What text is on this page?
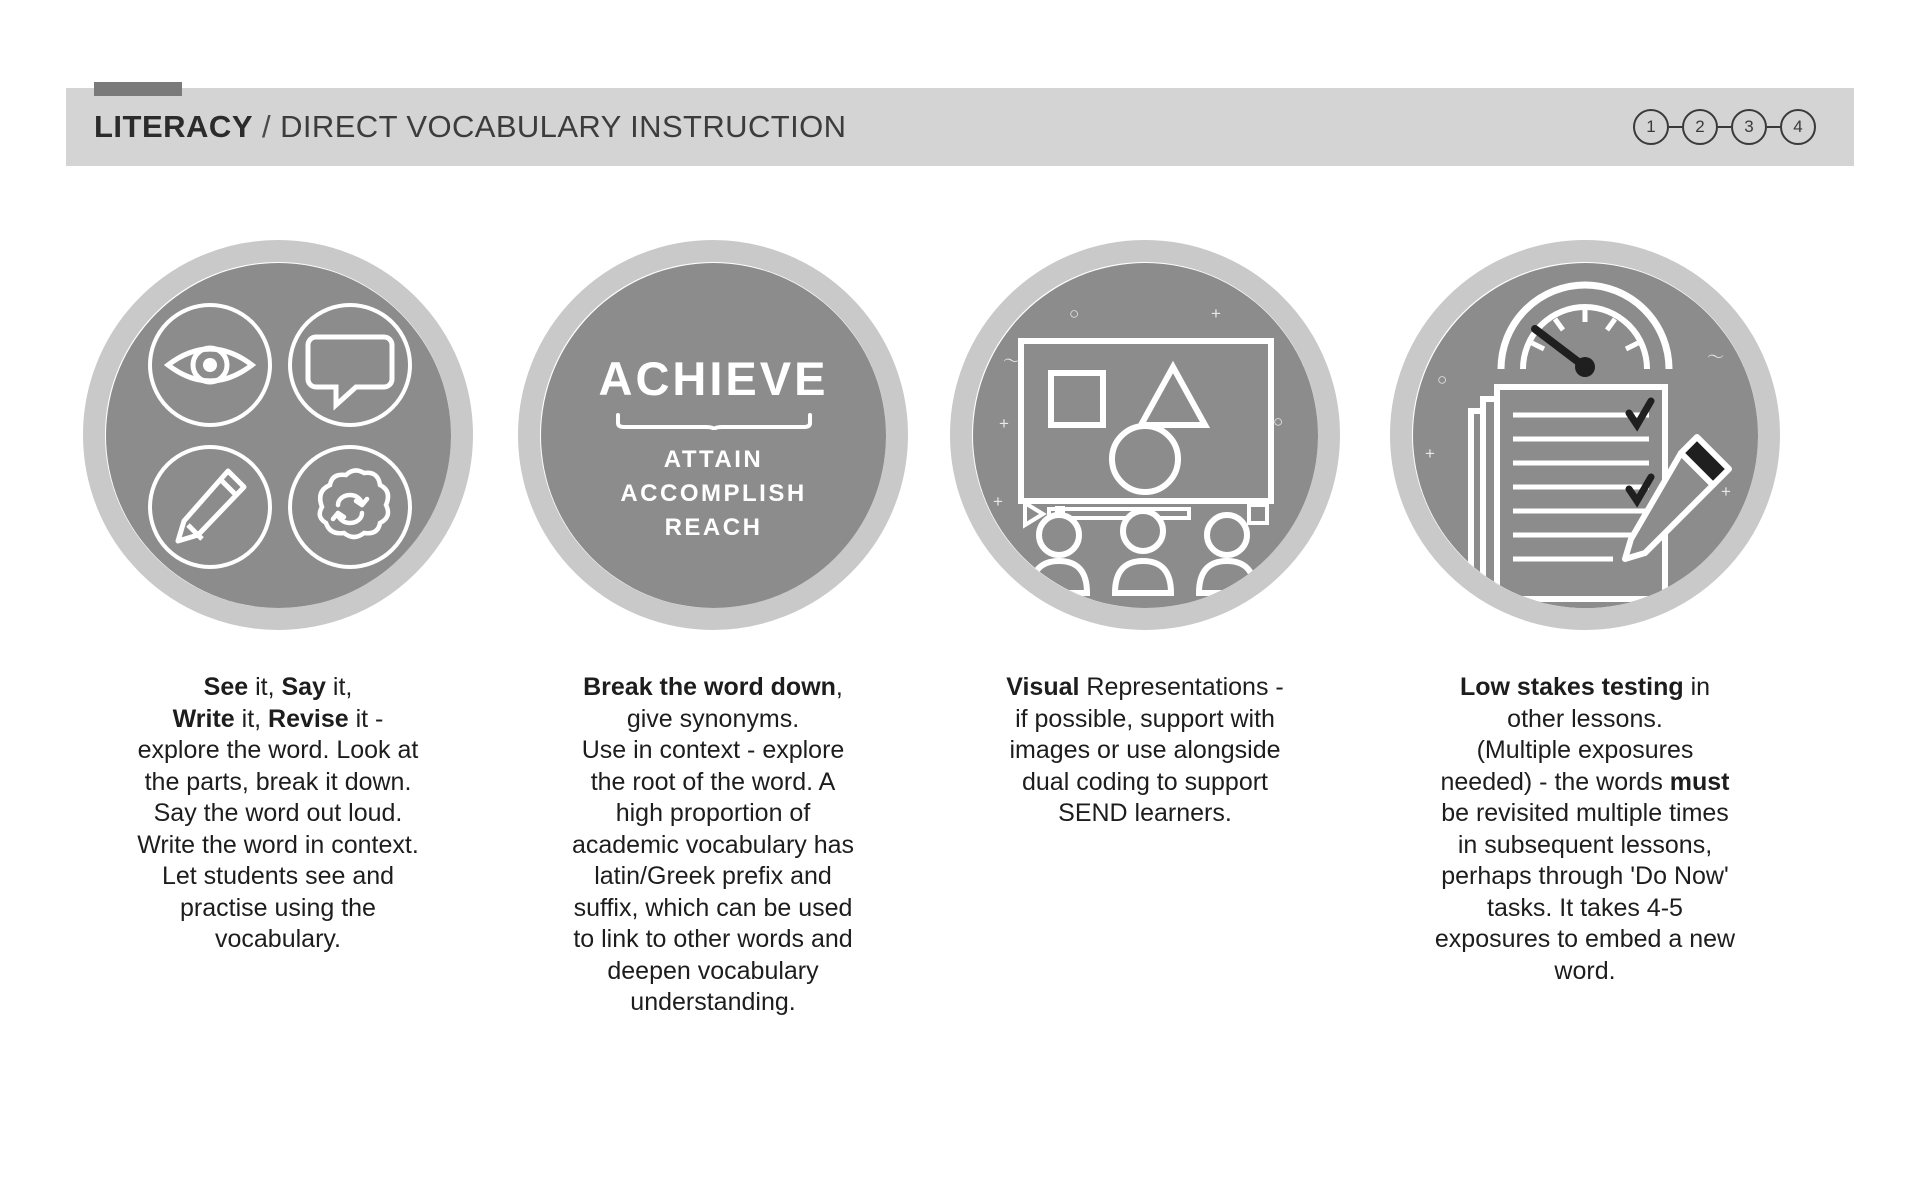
LITERACY / DIRECT VOCABULARY INSTRUCTION	1	2	3	4
See it, Say it,
Write it, Revise it -
explore the word. Look at
the parts, break it down.
Say the word out loud.
Write the word in context.
Let students see and
practise using the
vocabulary.
ACHIEVE
ATTAIN
ACCOMPLISH
REACH
Break the word down,
give synonyms.
Use in context - explore
the root of the word. A
high proportion of
academic vocabulary has
latin/Greek prefix and
suffix, which can be used
to link to other words and
deepen vocabulary
understanding.
○	+
+	○
+
〜
Visual Representations -
if possible, support with
images or use alongside
dual coding to support
SEND learners.
○
+
+
〜
Low stakes testing in
other lessons.
(Multiple exposures
needed) - the words must
be revisited multiple times
in subsequent lessons,
perhaps through 'Do Now'
tasks. It takes 4-5
exposures to embed a new
word.
